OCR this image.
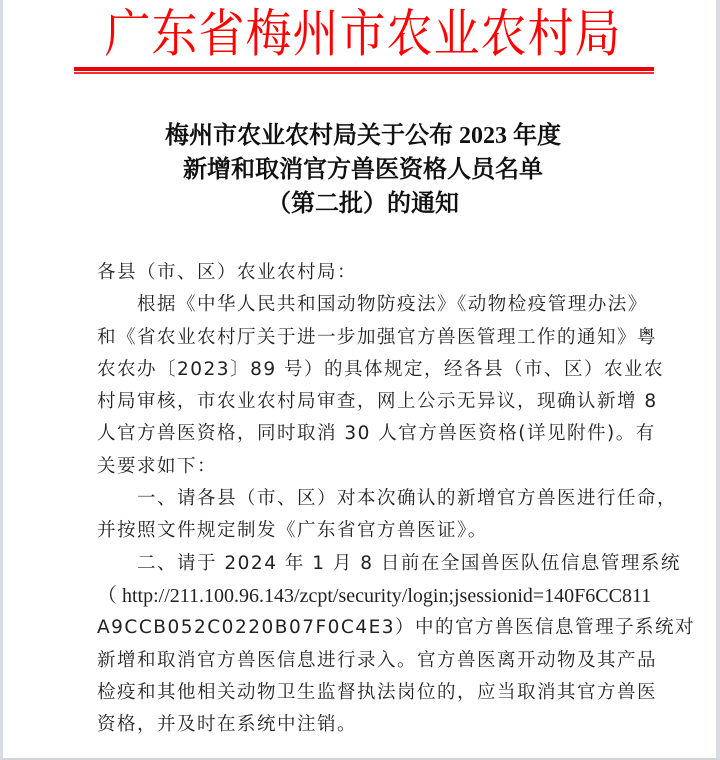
广东省梅州市农业农村局
梅州市农业农村局关于公布 2023 年度
新增和取消官方兽医资格人员名单
（第二批）的通知
各县（市、区）农业农村局：
根据《中华人民共和国动物防疫法》《动物检疫管理办法》
和《省农业农村厅关于进一步加强官方兽医管理工作的通知》粤
农农办〔2023〕89 号）的具体规定，经各县（市、区）农业农
村局审核，市农业农村局审查，网上公示无异议，现确认新增 8
人官方兽医资格，同时取消 30 人官方兽医资格(详见附件)。有
关要求如下：
一、请各县（市、区）对本次确认的新增官方兽医进行任命，
并按照文件规定制发《广东省官方兽医证》。
二、请于 2024 年 1 月 8 日前在全国兽医队伍信息管理系统
（ http://211.100.96.143/zcpt/security/login;jsessionid=140F6CC811
A9CCB052C0220B07F0C4E3）中的官方兽医信息管理子系统对
新增和取消官方兽医信息进行录入。官方兽医离开动物及其产品
检疫和其他相关动物卫生监督执法岗位的，应当取消其官方兽医
资格，并及时在系统中注销。
